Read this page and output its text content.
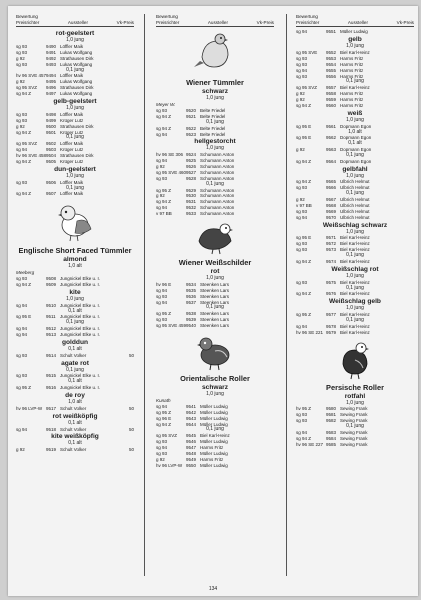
Bewertung
Preisrichter	Aussteller	Vk-Preis
rot-geelstert
1,0 jung
sg 93	9490 Löffler Maik
sg 93	9491 Lukas Wolfgang
g 92	9492 Strathausen Dirk
sg 93	9493 Lukas Wolfgang
0,1 jung
hv 96 SVE 457 9494 Löffler Maik
g 92	9495 Lukas Wolfgang
sg 95 SVZ	9496 Strathausen Dirk
sg 94 Z	9497 Lukas Wolfgang
gelb-geelstert
1,0 jung
sg 93	9498 Löffler Maik
sg 93	9499 Krüger Lutz
g 92	9500 Strathausen Dirk
sg 94 Z	9501 Krüger Lutz
0,1 jung
sg 95 SVZ	9502 Löffler Maik
sg 94	9503 Krüger Lutz
hv 96 SVE 458 9504 Strathausen Dirk
sg 94 Z	9505 Krüger Lutz
dun-geelstert
1,0 jung
sg 93	9506 Löffler Maik
0,1 jung
sg 94 Z	9507 Löffler Maik
Englische Short Faced Tümmler
almond
1,0 alt
Meeberg
sg 93	9508 Jungnickel Elke u. I.
sg 94 Z	9509 Jungnickel Elke u. I.
kite
1,0 jung
sg 94	9510 Jungnickel Elke u. I.
0,1 alt
sg 95 E	9511 Jungnickel Elke u. I.
0,1 jung
sg 94	9512 Jungnickel Elke u. I.
sg 94	9513 Jungnickel Elke u. I.
golddun
0,1 alt
sg 93	9514 Schult Volker	50
agate rot
0,1 jung
sg 93	9515 Jungnickel Elke u. I.
0,1 alt
sg 95 Z	9516 Jungnickel Elke u. I.
de roy
1,0 alt
hv 96 LVP-W 9517 Schult Volker	50
rot weißköpfig
0,1 alt
sg 94	9518 Schult Volker	50
kite weißköpfig
0,1 alt
g 92	9519 Schult Volker	50
Bewertung
Preisrichter	Aussteller	Vk-Preis
Wiener Tümmler
schwarz
1,0 jung
Meyer W.
sg 93	9520 Belte Friedel
sg 94 Z	9521 Belte Friedel
0,1 jung
sg 94 Z	9522 Belte Friedel
sg 94	9523 Belte Friedel
hellgestorcht
1,0 jung
hv 96 SE 306 9524 Schumann Anton
sg 94	9525 Schumann Anton
g 92	9526 Schumann Anton
sg 95 SVE 460 9527 Schumann Anton
sg 93	9528 Schumann Anton
0,1 jung
sg 95 Z	9529 Schumann Anton
g 92	9530 Schumann Anton
sg 94 Z	9531 Schumann Anton
sg 94	9532 Schumann Anton
v 97 BB	9533 Schumann Anton
Wiener Weißschilder
rot
1,0 jung
hv 96 E	9534 Steenken Lars
sg 94	9535 Steenken Lars
sg 93	9536 Steenken Lars
sg 94	9537 Steenken Lars
0,1 jung
sg 95 Z	9538 Steenken Lars
sg 93	9539 Steenken Lars
sg 95 SVE 459 9540 Steenken Lars
Orientalische Roller
schwarz
1,0 jung
Kunath
sg 94	9541 Müller Ludwig
sg 95 Z	9542 Müller Ludwig
sg 96 E	9543 Müller Ludwig
sg 94 Z	9544 Müller Ludwig
0,1 jung
sg 95 SVZ	9545 Biel Karl-Heinz
sg 93	9546 Müller Ludwig
sg 94	9547 Harms Fritz
sg 93	9548 Müller Ludwig
g 92	9549 Harms Fritz
hv 96 LVP-W 9550 Müller Ludwig
Bewertung
Preisrichter	Aussteller	Vk-Preis
sg 94	9551 Müller Ludwig
gelb
1,0 jung
sg 95 SVE	9552 Biel Karl-Heinz
sg 93	9553 Harms Fritz
sg 93	9554 Harms Fritz
sg 94	9555 Harms Fritz
sg 93	9556 Harms Fritz
0,1 jung
sg 95 SVZ	9557 Biel Karl-Heinz
g 92	9558 Harms Fritz
g 92	9559 Harms Fritz
sg 94 Z	9560 Harms Fritz
weiß
1,0 jung
sg 95 E	9561 Dopmann Egon
1,0 alt
sg 95 E	9562 Dopmann Egon
0,1 alt
g 92	9563 Dopmann Egon
0,1 jung
sg 94 Z	9564 Dopmann Egon
gelbfahl
1,0 jung
sg 94 Z	9565 Ulbrich Helmut
sg 93	9566 Ulbrich Helmut
0,1 jung
g 92	9567 Ulbrich Helmut
v 97 BB	9568 Ulbrich Helmut
sg 93	9569 Ulbrich Helmut
sg 94	9570 Ulbrich Helmut
Weißschlag schwarz
1,0 jung
sg 95 E	9571 Biel Karl-Heinz
sg 93	9572 Biel Karl-Heinz
sg 93	9573 Biel Karl-Heinz
0,1 jung
sg 94 Z	9574 Biel Karl-Heinz
Weißschlag rot
1,0 jung
sg 93	9575 Biel Karl-Heinz
0,1 jung
sg 94 Z	9576 Biel Karl-Heinz
Weißschlag gelb
1,0 jung
sg 95 Z	9577 Biel Karl-Heinz
0,1 jung
sg 94	9578 Biel Karl-Heinz
hv 96 SE 221 9579 Biel Karl-Heinz
Persische Roller
rotfahl
1,0 jung
hv 95 Z	9580 Sewing Frank
sg 93	9581 Sewing Frank
sg 93	9582 Sewing Frank
0,1 jung
sg 94	9583 Sewing Frank
sg 94 Z	9584 Sewing Frank
hv 96 SE 227 9585 Sewing Frank
134
